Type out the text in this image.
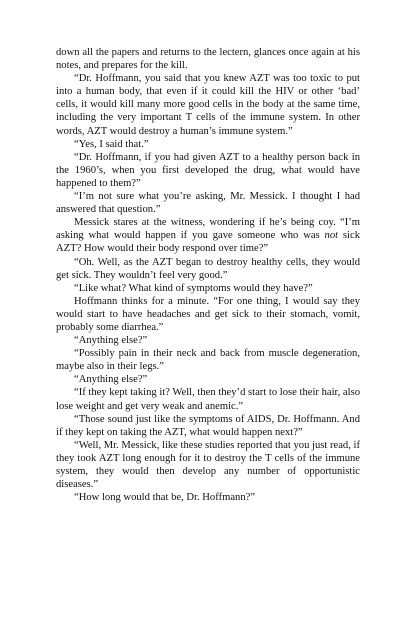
down all the papers and returns to the lectern, glances once again at his notes, and prepares for the kill.

“Dr. Hoffmann, you said that you knew AZT was too toxic to put into a human body, that even if it could kill the HIV or other ‘bad’ cells, it would kill many more good cells in the body at the same time, including the very important T cells of the immune system. In other words, AZT would destroy a human’s immune system.”

“Yes, I said that.”

“Dr. Hoffmann, if you had given AZT to a healthy person back in the 1960’s, when you first developed the drug, what would have happened to them?”

“I’m not sure what you’re asking, Mr. Messick. I thought I had answered that question.”

Messick stares at the witness, wondering if he’s being coy. “I’m asking what would happen if you gave someone who was not sick AZT? How would their body respond over time?”

“Oh. Well, as the AZT began to destroy healthy cells, they would get sick. They wouldn’t feel very good.”

“Like what? What kind of symptoms would they have?”

Hoffmann thinks for a minute. “For one thing, I would say they would start to have headaches and get sick to their stomach, vomit, probably some diarrhea.”

“Anything else?”

“Possibly pain in their neck and back from muscle degeneration, maybe also in their legs.”

“Anything else?”

“If they kept taking it? Well, then they’d start to lose their hair, also lose weight and get very weak and anemic.”

“Those sound just like the symptoms of AIDS, Dr. Hoffmann. And if they kept on taking the AZT, what would happen next?”

“Well, Mr. Messick, like these studies reported that you just read, if they took AZT long enough for it to destroy the T cells of the immune system, they would then develop any number of opportunistic diseases.”

“How long would that be, Dr. Hoffmann?”
